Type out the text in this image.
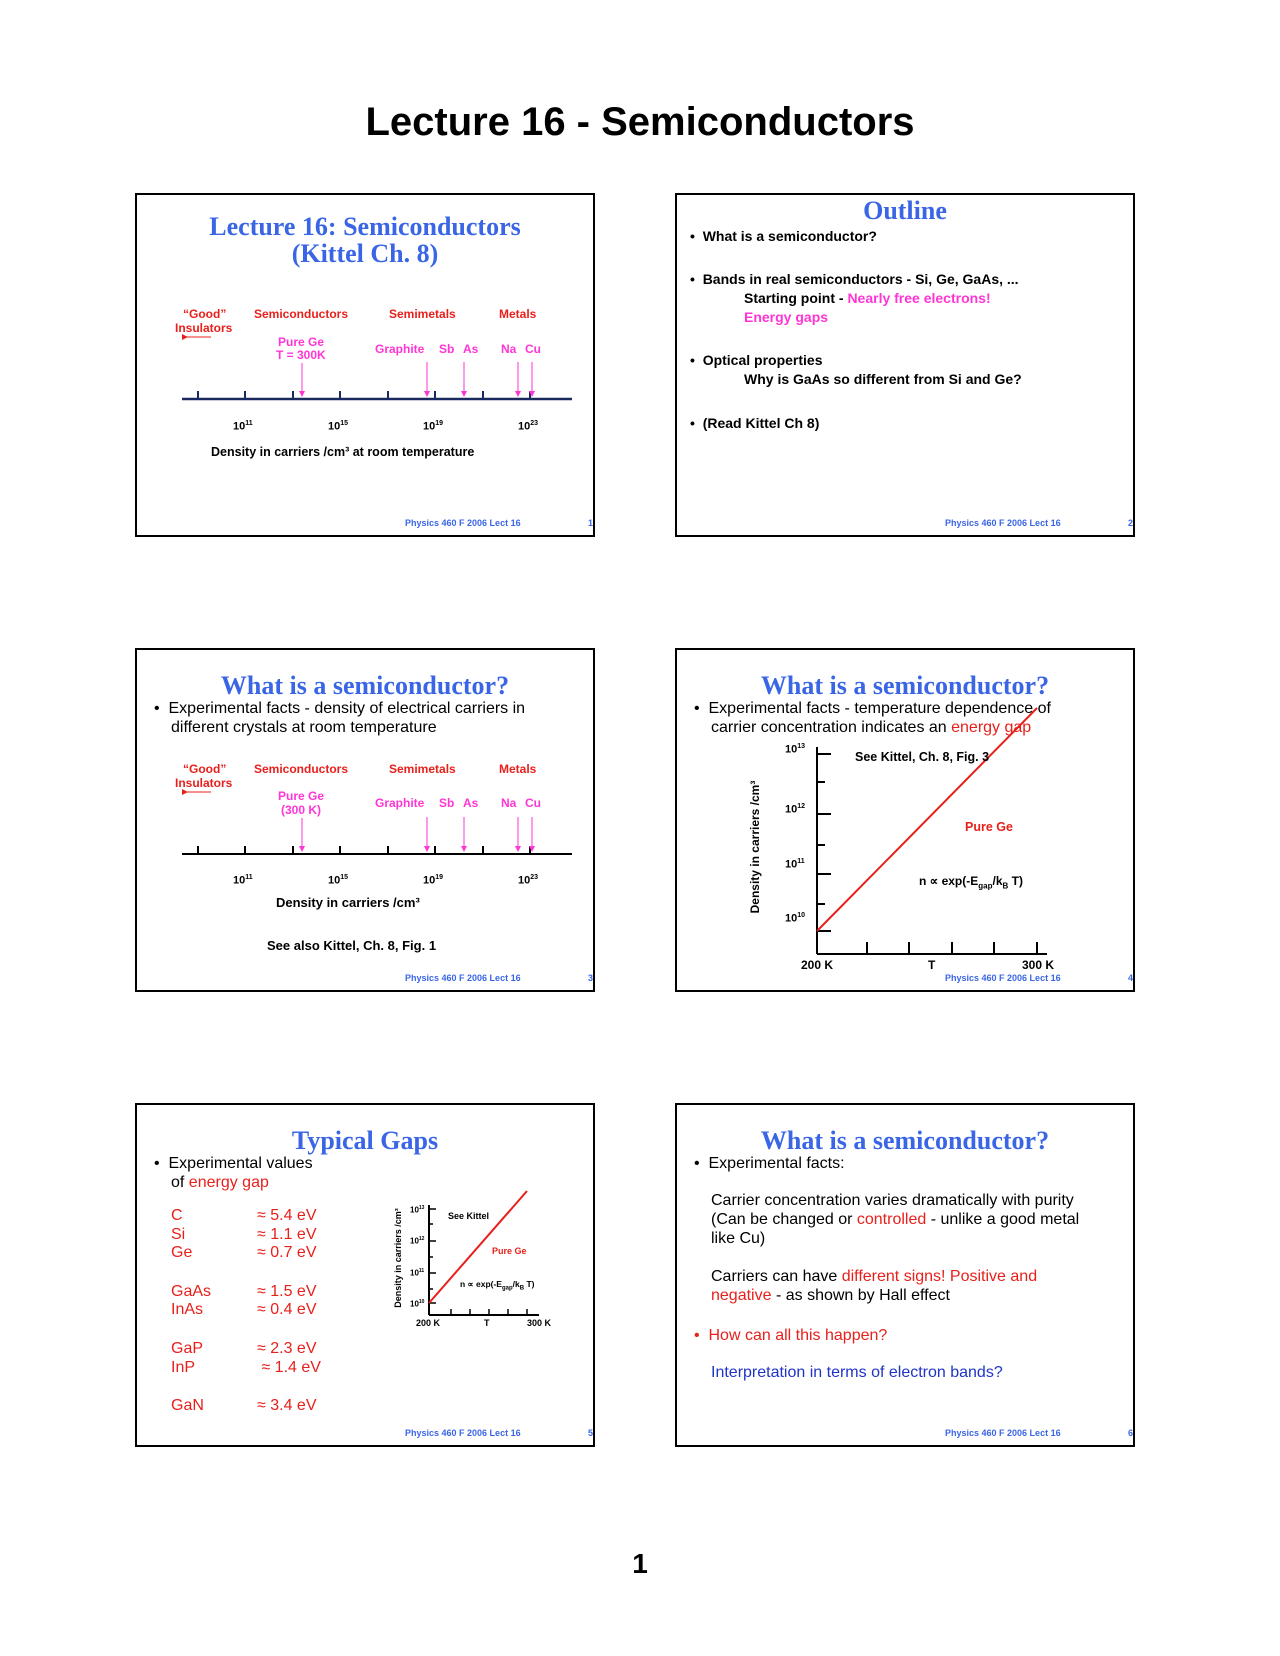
Lecture 16 - Semiconductors
Lecture 16: Semiconductors
(Kittel Ch. 8)
“Good”
Insulators
Semiconductors	Semimetals	Metals
Pure Ge
T = 300K	Graphite Sb As Na Cu
$10^{11}$	$10^{15}$	$10^{19}$	$10^{23}$
Density in carriers /cm³ at room temperature
Physics 460 F 2006 Lect 16	1
Outline
•  What is a semiconductor?
•  Bands in real semiconductors - Si, Ge, GaAs, ...
Starting point - Nearly free electrons!
Energy gaps
•  Optical properties
Why is GaAs so different from Si and Ge?
•  (Read Kittel Ch 8)
Physics 460 F 2006 Lect 16	2
What is a semiconductor?
•  Experimental facts - density of electrical carriers in
different crystals at room temperature
“Good”
Insulators
Semiconductors	Semimetals	Metals
Pure Ge
(300 K)	Graphite Sb As Na Cu
$10^{11}$	$10^{15}$	$10^{19}$	$10^{23}$
Density in carriers /cm³
See also Kittel, Ch. 8, Fig. 1
Physics 460 F 2006 Lect 16	3
What is a semiconductor?
•  Experimental facts - temperature dependence of
carrier concentration indicates an energy gap
$10^{13}$
$10^{12}$
$10^{11}$
$10^{10}$
Density in carriers /cm³
See Kittel, Ch. 8, Fig. 3
Pure Ge
$n \propto \exp(-E_{gap}/k_B$ T)
200 K	T	300 K
Physics 460 F 2006 Lect 16	4
Typical Gaps
•  Experimental values
of energy gap
C	≈ 5.4 eV
Si	≈ 1.1 eV
Ge	≈ 0.7 eV
GaAs	≈ 1.5 eV
InAs	≈ 0.4 eV
GaP	≈ 2.3 eV
InP	≈ 1.4 eV
GaN	≈ 3.4 eV
$10^{13}$
$10^{12}$
$10^{11}$
$10^{10}$
Density in carriers /cm³	See Kittel
Pure Ge
$n \propto \exp(-E_{gap}/k_B$ T)
200 K	T	300 K
Physics 460 F 2006 Lect 16	5
What is a semiconductor?
•  Experimental facts:
Carrier concentration varies dramatically with purity
(Can be changed or controlled - unlike a good metal
like Cu)
Carriers can have different signs! Positive and
negative - as shown by Hall effect
•  How can all this happen?
Interpretation in terms of electron bands?
Physics 460 F 2006 Lect 16	6
1
